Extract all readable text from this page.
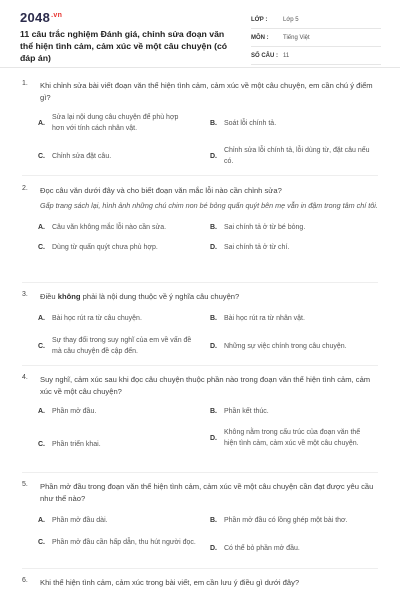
$2048^{.vn}$
11 câu trắc nghiệm Đánh giá, chỉnh sửa đoạn văn thể hiện tình cảm, cảm xúc về một câu chuyện (có đáp án)
LỚP :	Lớp 5
MÔN :	Tiếng Việt
SỐ CÂU : 11
1.	Khi chỉnh sửa bài viết đoạn văn thể hiện tình cảm, cảm xúc về một câu chuyện, em cần chú ý điểm gì?
A.
Sửa lại nội dung câu chuyện để phù hợp hơn với tính cách nhân vật.
B.	Soát lỗi chính tả.
C.	Chỉnh sửa đặt câu.	D.
Chỉnh sửa lỗi chính tả, lỗi dùng từ, đặt câu nếu có.
2.	Đọc câu văn dưới đây và cho biết đoạn văn mắc lỗi nào cần chỉnh sửa?
Gấp trang sách lại, hình ảnh những chú chim non bé bỏng quấn quýt bên mẹ vẫn in đậm trong tâm chí tôi.
A.	Câu văn không mắc lỗi nào cần sửa.	B.	Sai chính tả ở từ bé bỏng.
C.	Dùng từ quấn quýt chưa phù hợp.	D.	Sai chính tả ở từ chí.
3.	Điều không phải là nội dung thuộc về ý nghĩa câu chuyện?
A.	Bài học rút ra từ câu chuyện.	B.	Bài học rút ra từ nhân vật.
C.
Sự thay đổi trong suy nghĩ của em về vấn đề mà câu chuyện đề cập đến.
D.	Những sự việc chính trong câu chuyện.
4.	Suy nghĩ, cảm xúc sau khi đọc câu chuyện thuộc phần nào trong đoạn văn thể hiện tình cảm, cảm xúc về một câu chuyện?
A.	Phần mở đầu.	B.	Phần kết thúc.
C.	Phần triển khai.
D.
Không nằm trong cấu trúc của đoạn văn thể hiện tình cảm, cảm xúc về một câu chuyện.
5.	Phần mở đầu trong đoạn văn thể hiện tình cảm, cảm xúc về một câu chuyện cần đạt được yêu cầu như thế nào?
A.	Phần mở đầu dài.	B.	Phần mở đầu có lồng ghép một bài thơ.
C.	Phần mở đầu cần hấp dẫn, thu hút người đọc.
D.	Có thể bỏ phần mở đầu.
6.	Khi thể hiện tình cảm, cảm xúc trong bài viết, em cần lưu ý điều gì dưới đây?
